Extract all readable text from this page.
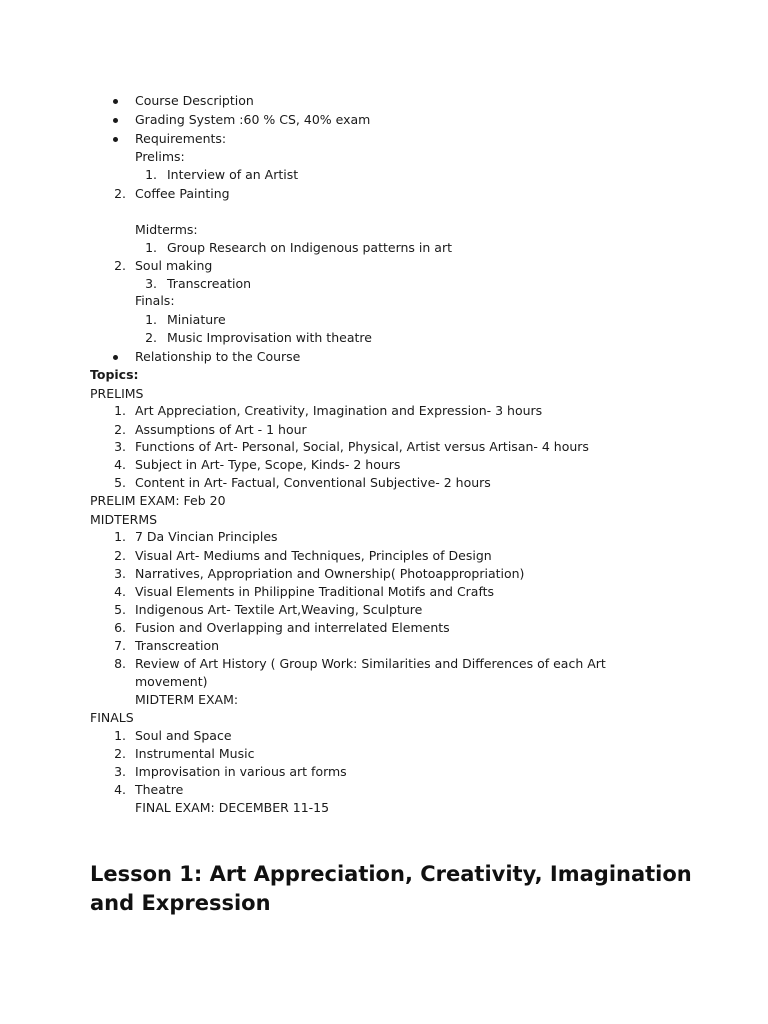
Course Description
Grading System :60 % CS, 40% exam
Requirements:
Prelims:
1. Interview of an Artist
2. Coffee Painting
Midterms:
1. Group Research on Indigenous patterns in art
2. Soul making
3. Transcreation
Finals:
1. Miniature
2. Music Improvisation with theatre
Relationship to the Course
Topics:
PRELIMS
1. Art Appreciation, Creativity, Imagination and Expression- 3 hours
2. Assumptions of Art - 1 hour
3. Functions of Art- Personal, Social, Physical, Artist versus Artisan- 4 hours
4. Subject in Art- Type, Scope, Kinds- 2 hours
5. Content in Art- Factual, Conventional Subjective- 2 hours
PRELIM EXAM: Feb 20
MIDTERMS
1. 7 Da Vincian Principles
2. Visual Art- Mediums and Techniques, Principles of Design
3. Narratives, Appropriation and Ownership( Photoappropriation)
4. Visual Elements in Philippine Traditional Motifs and Crafts
5. Indigenous Art- Textile Art,Weaving, Sculpture
6. Fusion and Overlapping and interrelated Elements
7. Transcreation
8. Review of Art History ( Group Work: Similarities and Differences of each Art
movement)
MIDTERM EXAM:
FINALS
1. Soul and Space
2. Instrumental Music
3. Improvisation in various art forms
4. Theatre
FINAL EXAM: DECEMBER 11-15
Lesson 1: Art Appreciation, Creativity, Imagination
and Expression
